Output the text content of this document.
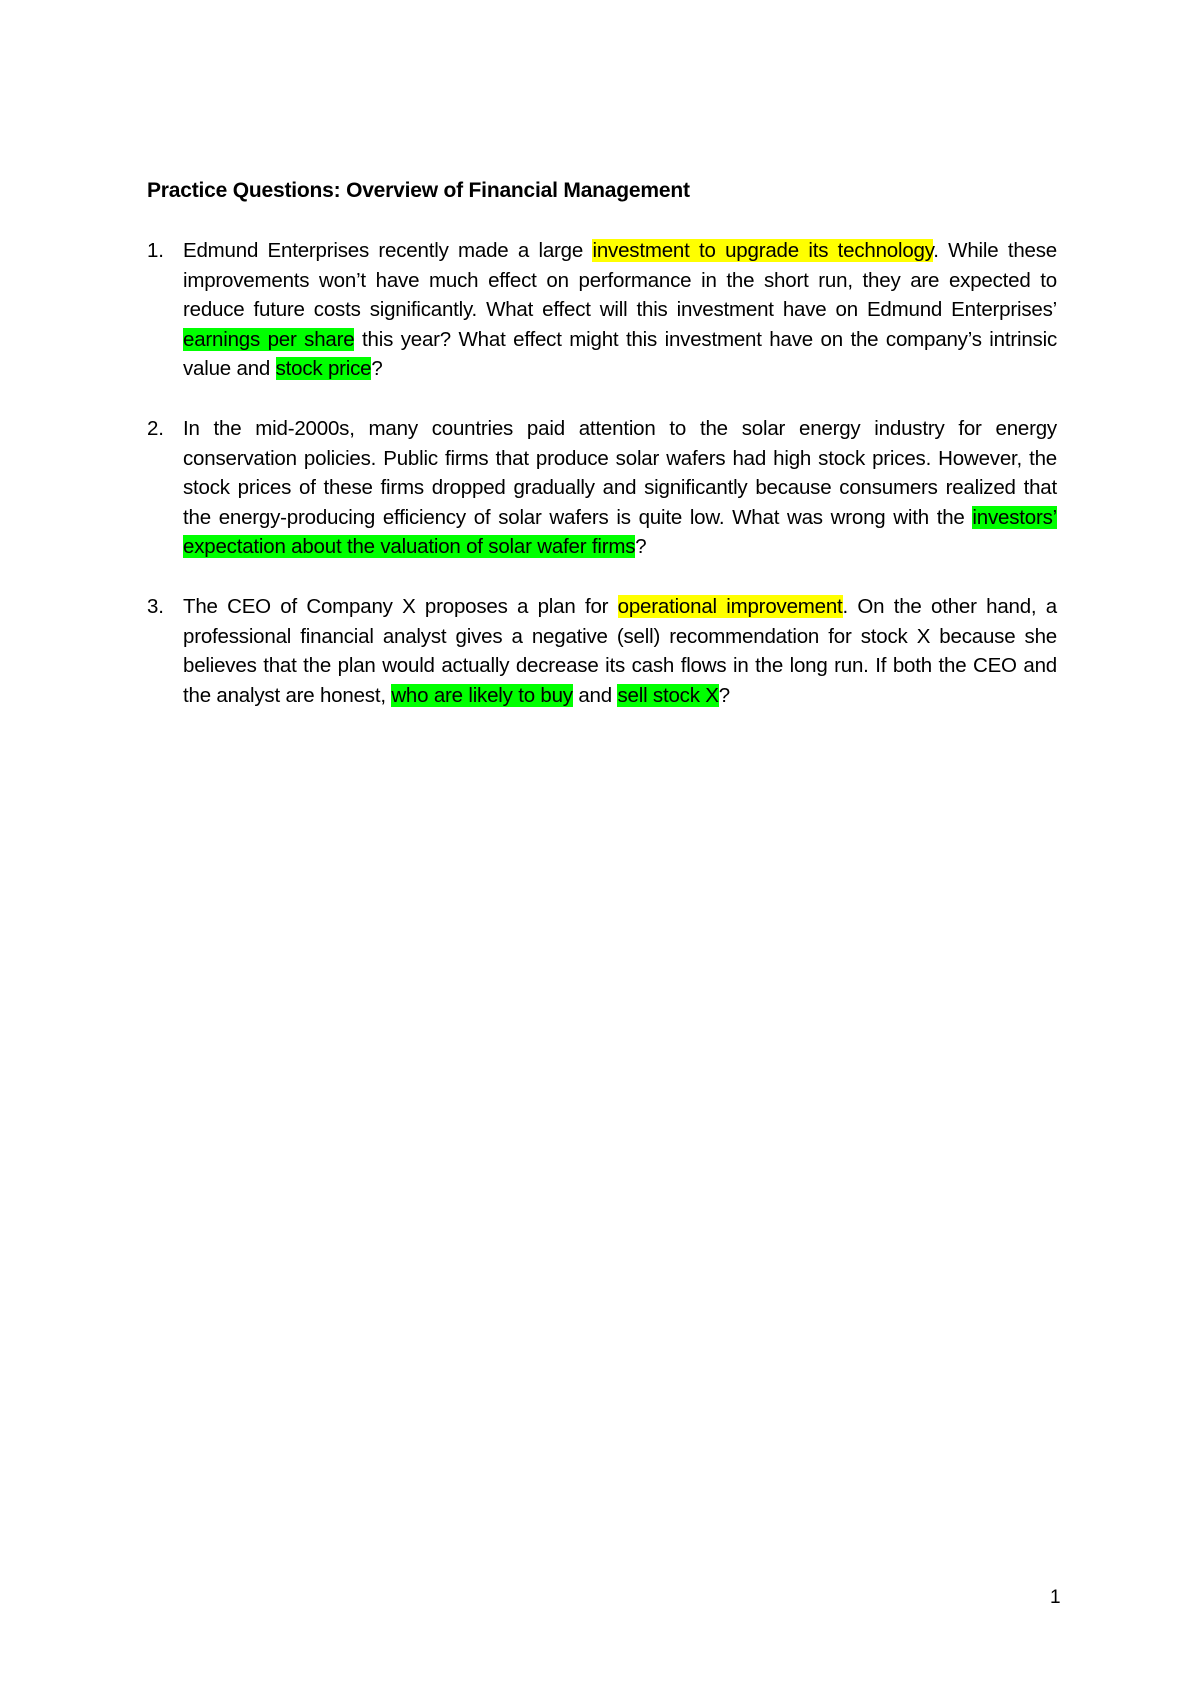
Practice Questions: Overview of Financial Management
1. Edmund Enterprises recently made a large investment to upgrade its technology. While these improvements won’t have much effect on performance in the short run, they are expected to reduce future costs significantly. What effect will this investment have on Edmund Enterprises’ earnings per share this year? What effect might this investment have on the company’s intrinsic value and stock price?
2. In the mid-2000s, many countries paid attention to the solar energy industry for energy conservation policies. Public firms that produce solar wafers had high stock prices. However, the stock prices of these firms dropped gradually and significantly because consumers realized that the energy-producing efficiency of solar wafers is quite low. What was wrong with the investors’ expectation about the valuation of solar wafer firms?
3. The CEO of Company X proposes a plan for operational improvement. On the other hand, a professional financial analyst gives a negative (sell) recommendation for stock X because she believes that the plan would actually decrease its cash flows in the long run. If both the CEO and the analyst are honest, who are likely to buy and sell stock X?
1
